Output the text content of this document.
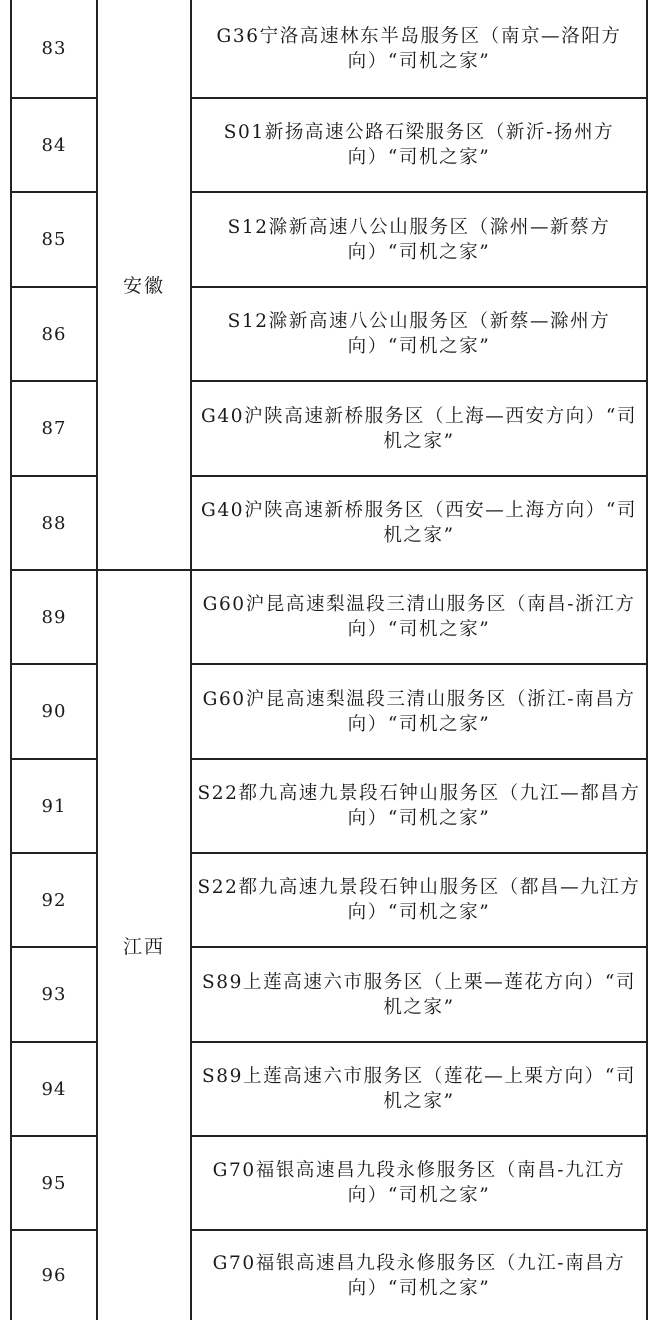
安徽
江西
83
G36宁洛高速林东半岛服务区（南京—洛阳方向）“司机之家”
84
S01新扬高速公路石梁服务区（新沂-扬州方向）“司机之家”
85
S12滁新高速八公山服务区（滁州—新蔡方向）“司机之家”
86
S12滁新高速八公山服务区（新蔡—滁州方向）“司机之家”
87
G40沪陕高速新桥服务区（上海—西安方向）“司机之家”
88
G40沪陕高速新桥服务区（西安—上海方向）“司机之家”
89
G60沪昆高速梨温段三清山服务区（南昌-浙江方向）“司机之家”
90
G60沪昆高速梨温段三清山服务区（浙江-南昌方向）“司机之家”
91
S22都九高速九景段石钟山服务区（九江—都昌方向）“司机之家”
92
S22都九高速九景段石钟山服务区（都昌—九江方向）“司机之家”
93
S89上莲高速六市服务区（上栗—莲花方向）“司机之家”
94
S89上莲高速六市服务区（莲花—上栗方向）“司机之家”
95
G70福银高速昌九段永修服务区（南昌-九江方向）“司机之家”
96
G70福银高速昌九段永修服务区（九江-南昌方向）“司机之家”
